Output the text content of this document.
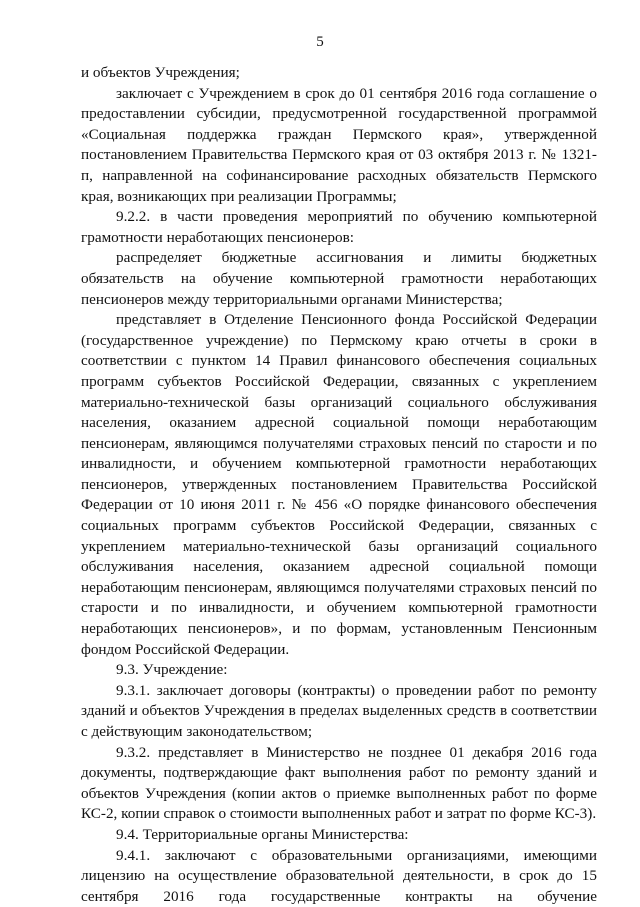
5

и объектов Учреждения;

заключает с Учреждением в срок до 01 сентября 2016 года соглашение о предоставлении субсидии, предусмотренной государственной программой «Социальная поддержка граждан Пермского края», утвержденной постановлением Правительства Пермского края от 03 октября 2013 г. № 1321-п, направленной на софинансирование расходных обязательств Пермского края, возникающих при реализации Программы;

9.2.2. в части проведения мероприятий по обучению компьютерной грамотности неработающих пенсионеров:

распределяет бюджетные ассигнования и лимиты бюджетных обязательств на обучение компьютерной грамотности неработающих пенсионеров между территориальными органами Министерства;

представляет в Отделение Пенсионного фонда Российской Федерации (государственное учреждение) по Пермскому краю отчеты в сроки в соответствии с пунктом 14 Правил финансового обеспечения социальных программ субъектов Российской Федерации, связанных с укреплением материально-технической базы организаций социального обслуживания населения, оказанием адресной социальной помощи неработающим пенсионерам, являющимся получателями страховых пенсий по старости и по инвалидности, и обучением компьютерной грамотности неработающих пенсионеров, утвержденных постановлением Правительства Российской Федерации от 10 июня 2011 г. № 456 «О порядке финансового обеспечения социальных программ субъектов Российской Федерации, связанных с укреплением материально-технической базы организаций социального обслуживания населения, оказанием адресной социальной помощи неработающим пенсионерам, являющимся получателями страховых пенсий по старости и по инвалидности, и обучением компьютерной грамотности неработающих пенсионеров», и по формам, установленным Пенсионным фондом Российской Федерации.

9.3. Учреждение:

9.3.1. заключает договоры (контракты) о проведении работ по ремонту зданий и объектов Учреждения в пределах выделенных средств в соответствии с действующим законодательством;

9.3.2. представляет в Министерство не позднее 01 декабря 2016 года документы, подтверждающие факт выполнения работ по ремонту зданий и объектов Учреждения (копии актов о приемке выполненных работ по форме КС-2, копии справок о стоимости выполненных работ и затрат по форме КС-3).

9.4. Территориальные органы Министерства:

9.4.1. заключают с образовательными организациями, имеющими лицензию на осуществление образовательной деятельности, в срок до 15 сентября 2016 года государственные контракты на обучение
